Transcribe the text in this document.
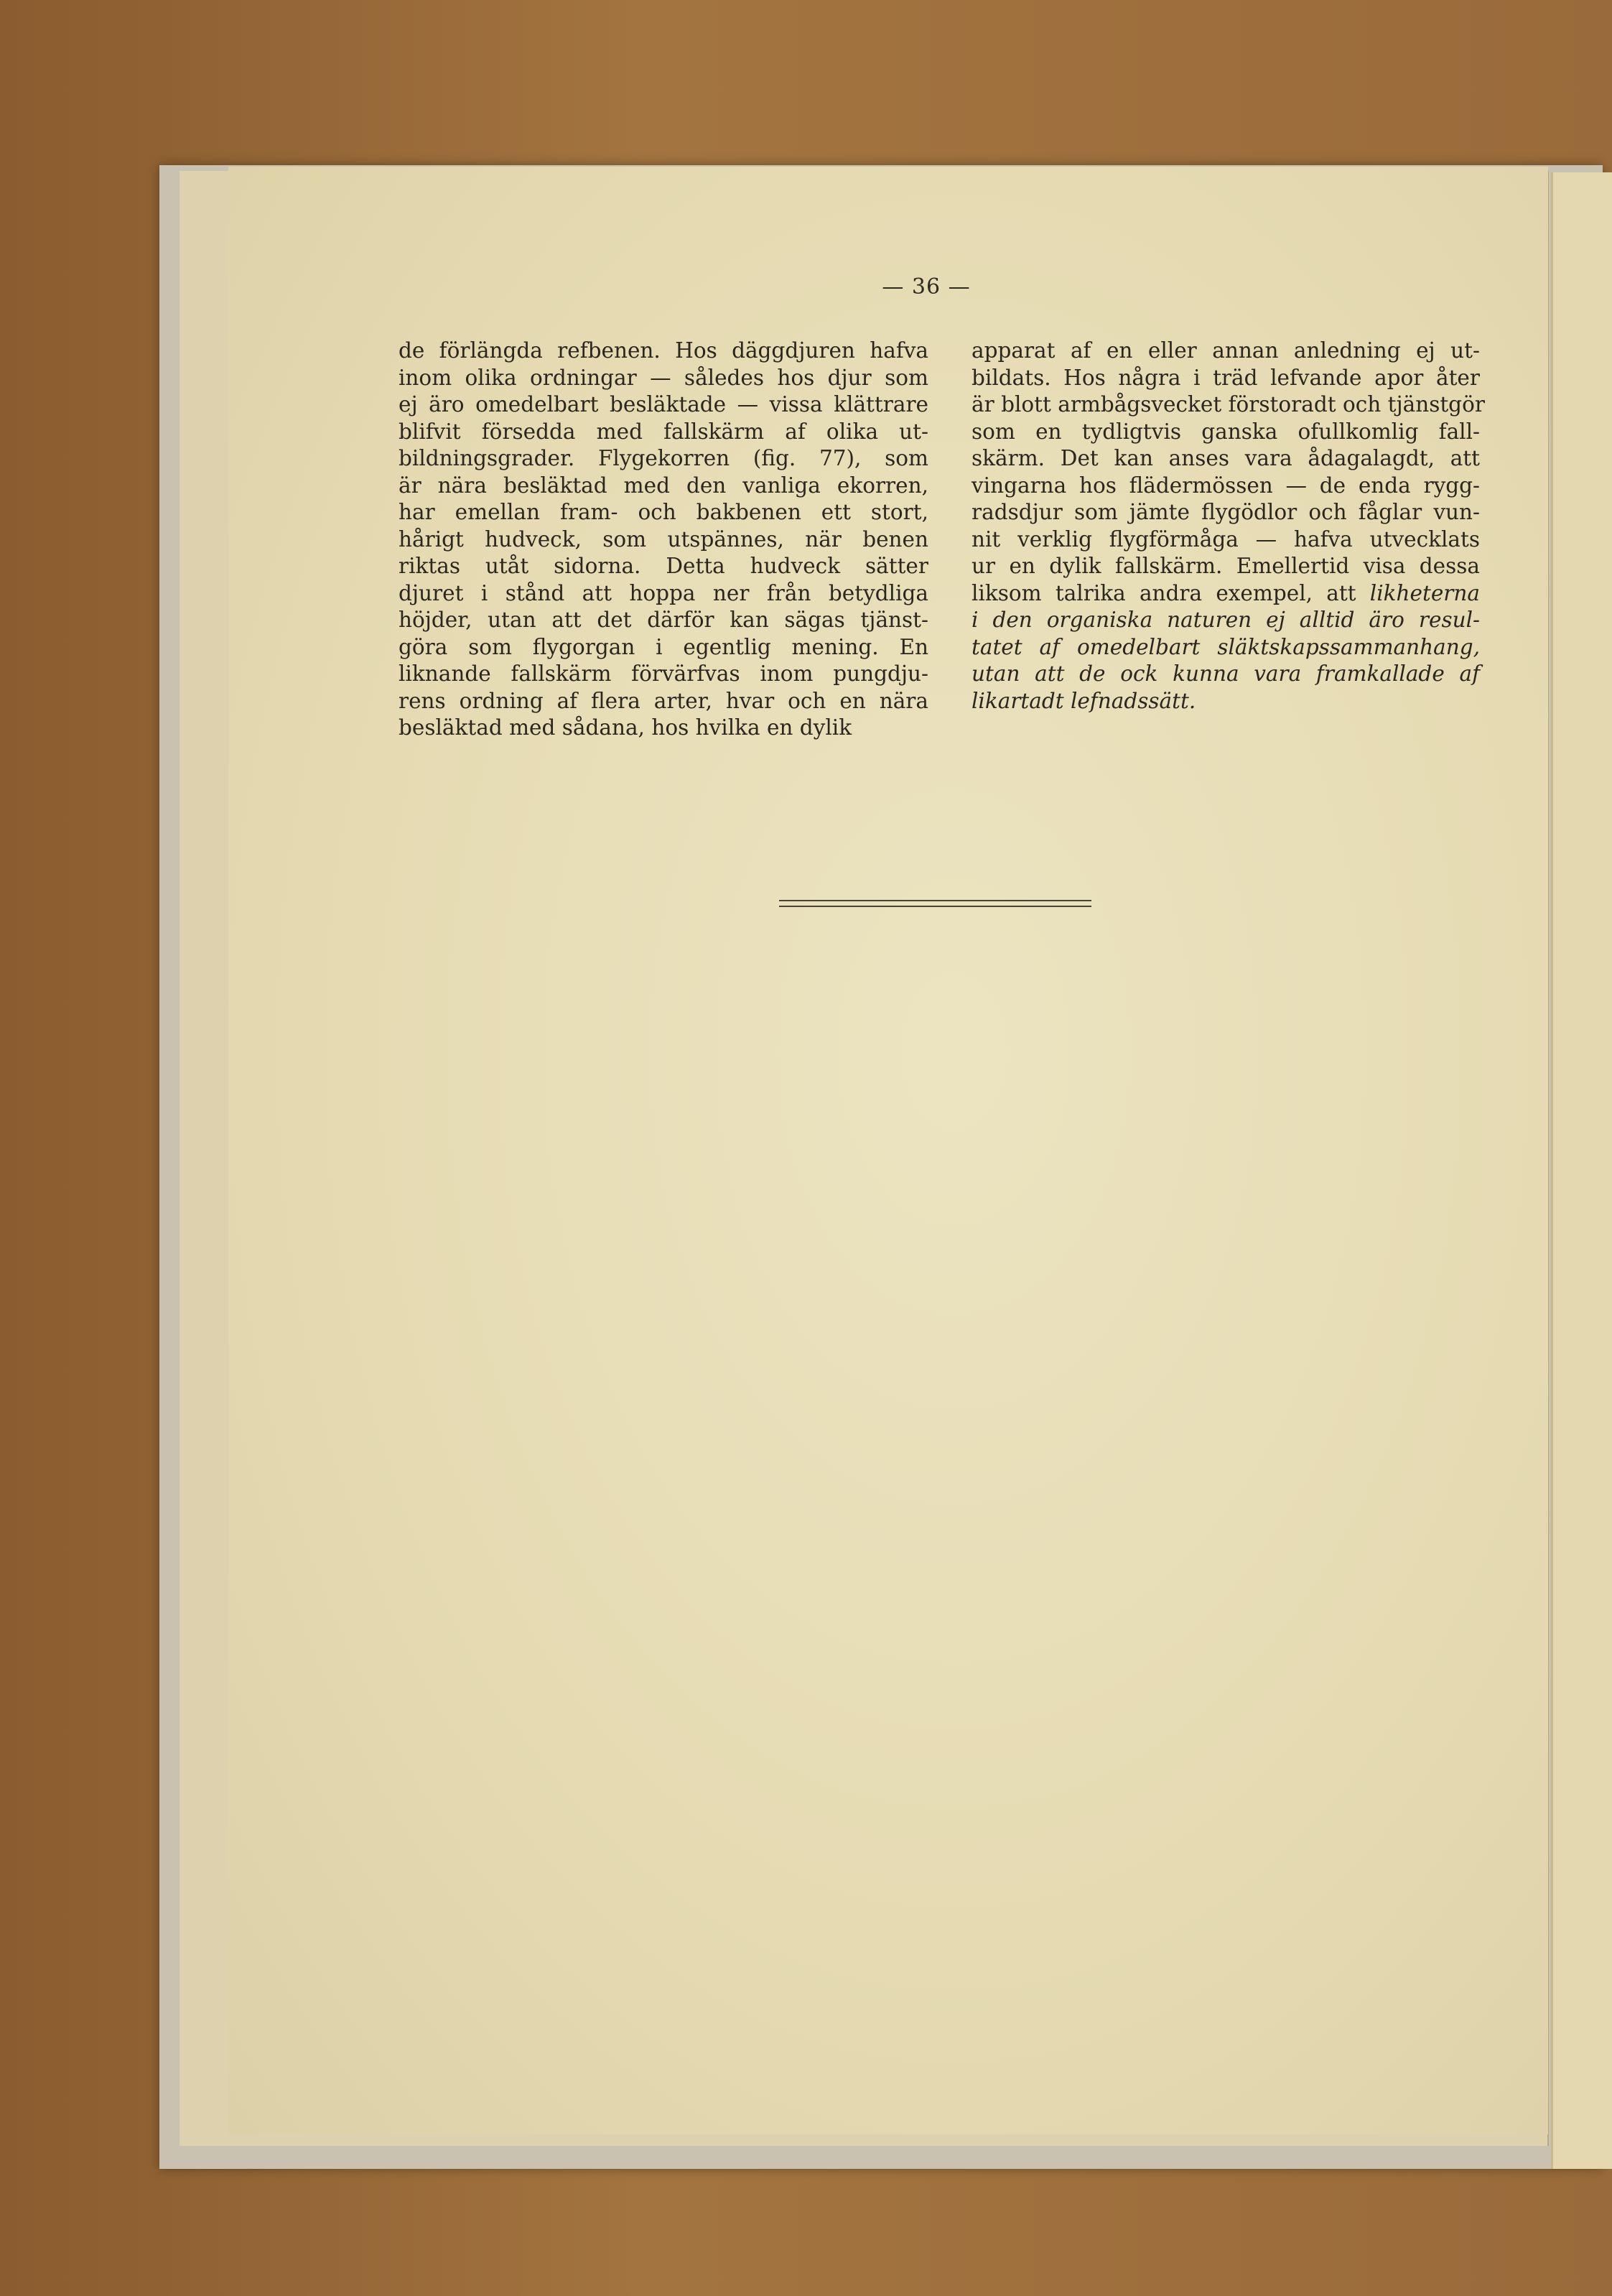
— 36 —
de förlängda refbenen. Hos däggdjuren hafva
inom olika ordningar — således hos djur som
ej äro omedelbart besläktade — vissa klättrare
blifvit försedda med fallskärm af olika ut-
bildningsgrader. Flygekorren (fig. 77), som
är nära besläktad med den vanliga ekorren,
har emellan fram- och bakbenen ett stort,
hårigt hudveck, som utspännes, när benen
riktas utåt sidorna. Detta hudveck sätter
djuret i stånd att hoppa ner från betydliga
höjder, utan att det därför kan sägas tjänst-
göra som flygorgan i egentlig mening. En
liknande fallskärm förvärfvas inom pungdju-
rens ordning af flera arter, hvar och en nära
besläktad med sådana, hos hvilka en dylik
apparat af en eller annan anledning ej ut-
bildats. Hos några i träd lefvande apor åter
är blott armbågsvecket förstoradt och tjänstgör
som en tydligtvis ganska ofullkomlig fall-
skärm. Det kan anses vara ådagalagdt, att
vingarna hos flädermössen — de enda rygg-
radsdjur som jämte flygödlor och fåglar vun-
nit verklig flygförmåga — hafva utvecklats
ur en dylik fallskärm. Emellertid visa dessa
liksom talrika andra exempel, att likheterna
i den organiska naturen ej alltid äro resul-
tatet af omedelbart släktskapssammanhang,
utan att de ock kunna vara framkallade af
likartadt lefnadssätt.
